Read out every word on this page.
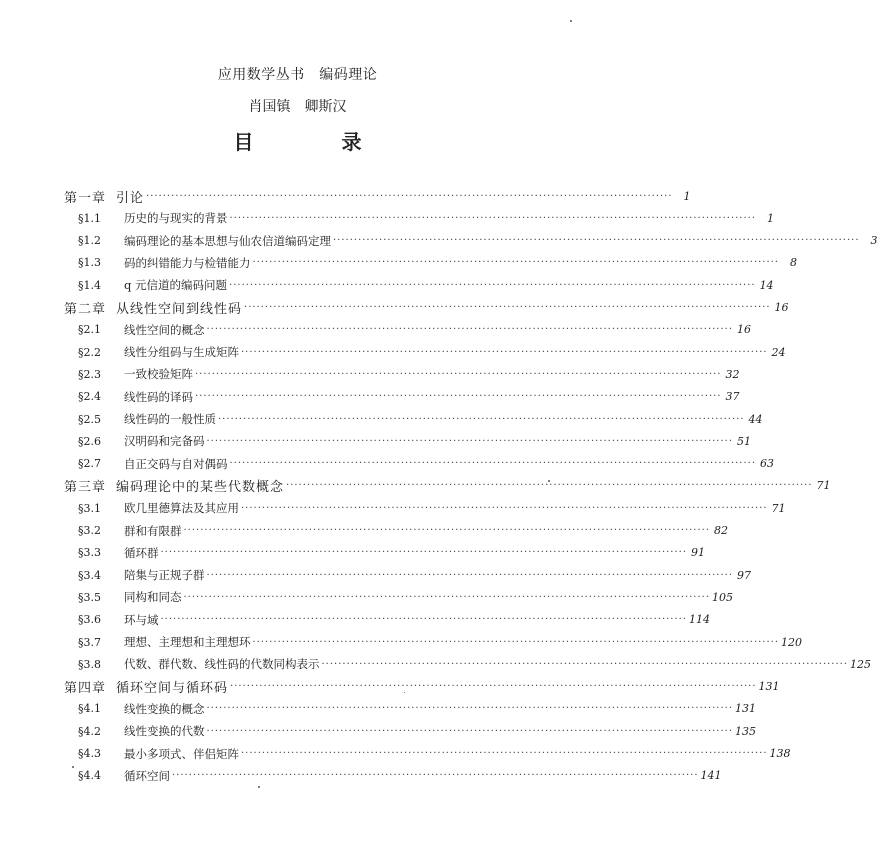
应用数学丛书　编码理论
肖国镇　卿斯汉
目　录
第一章 引论 ·····	1
§1.1	历史的与现实的背景 ·····	1
§1.2	编码理论的基本思想与仙农信道编码定理 ·····	3
§1.3	码的纠错能力与检错能力 ·····	8
§1.4	q 元信道的编码问题 ·····	14
第二章 从线性空间到线性码 ·····	16
§2.1	线性空间的概念 ·····	16
§2.2	线性分组码与生成矩阵 ·····	24
§2.3	一致校验矩阵 ·····	32
§2.4	线性码的译码 ·····	37
§2.5	线性码的一般性质 ·····	44
§2.6	汉明码和完备码 ·····	51
§2.7	自正交码与自对偶码 ·····	63
第三章 编码理论中的某些代数概念 ·····	71
§3.1	欧几里德算法及其应用 ·····	71
§3.2	群和有限群 ·····	82
§3.3	循环群 ·····	91
§3.4	陪集与正规子群 ·····	97
§3.5	同构和同态 ·····	105
§3.6	环与域 ·····	114
§3.7	理想、主理想和主理想环 ·····	120
§3.8	代数、群代数、线性码的代数同构表示 ·····	125
第四章 循环空间与循环码 ·····	131
§4.1	线性变换的概念 ·····	131
§4.2	线性变换的代数 ·····	135
§4.3	最小多项式、伴侣矩阵 ·····	138
§4.4	循环空间 ·····	141
